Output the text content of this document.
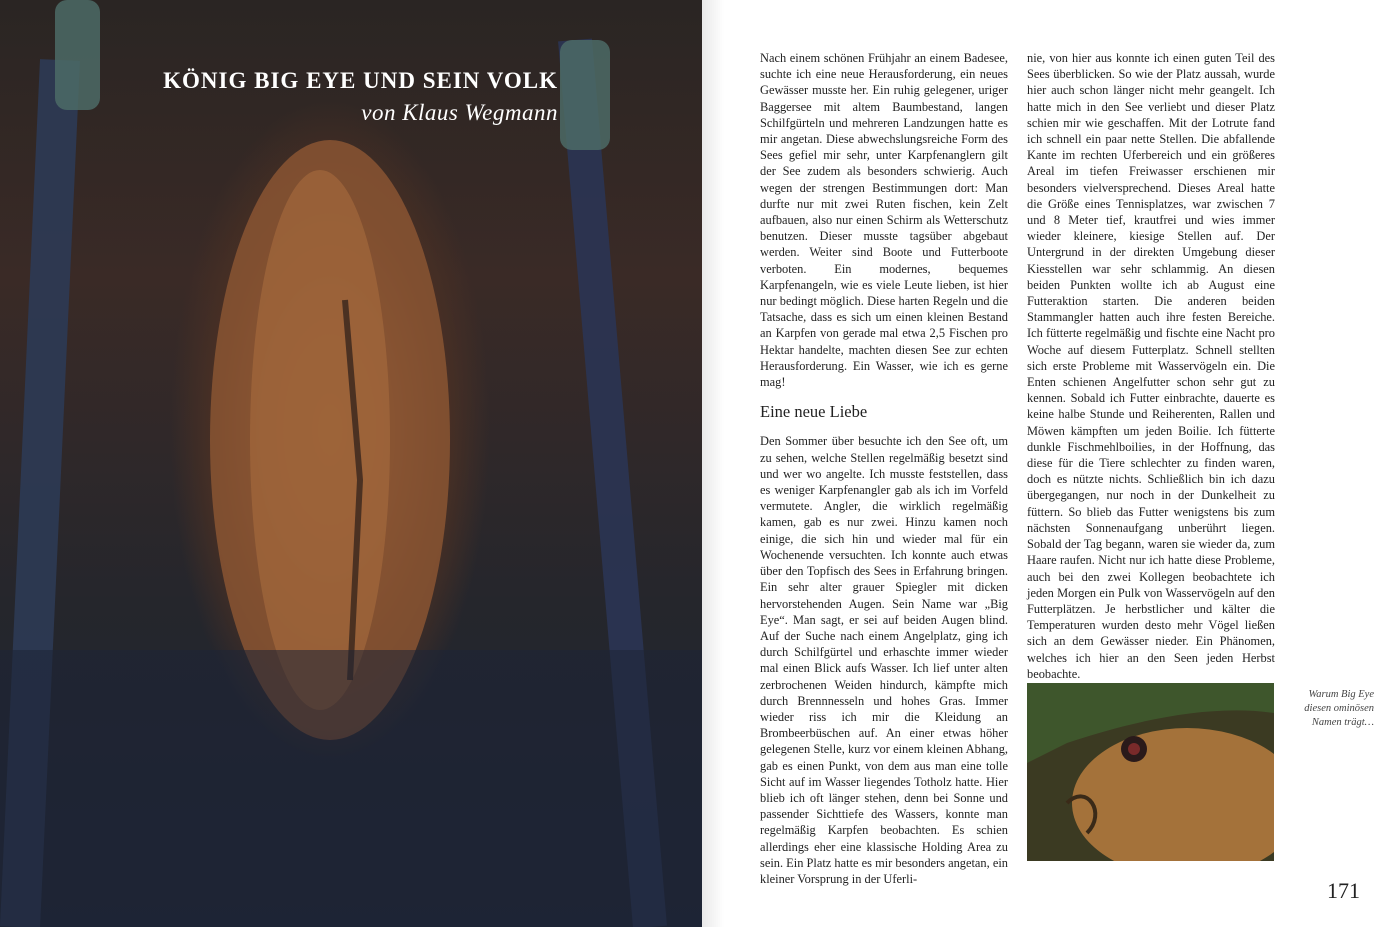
KÖNIG BIG EYE UND SEIN VOLK
von Klaus Wegmann

Nach einem schönen Frühjahr an einem Badesee, suchte ich eine neue Herausforderung, ein neues Gewässer musste her. Ein ruhig gelegener, uriger Baggersee mit altem Baumbestand, langen Schilfgürteln und mehreren Landzungen hatte es mir angetan. Diese abwechslungsreiche Form des Sees gefiel mir sehr, unter Karpfenanglern gilt der See zudem als besonders schwierig. Auch wegen der strengen Bestimmungen dort: Man durfte nur mit zwei Ruten fischen, kein Zelt aufbauen, also nur einen Schirm als Wetterschutz benutzen. Dieser musste tagsüber abgebaut werden. Weiter sind Boote und Futterboote verboten. Ein modernes, bequemes Karpfenangeln, wie es viele Leute lieben, ist hier nur bedingt möglich. Diese harten Regeln und die Tatsache, dass es sich um einen kleinen Bestand an Karpfen von gerade mal etwa 2,5 Fischen pro Hektar handelte, machten diesen See zur echten Herausforderung. Ein Wasser, wie ich es gerne mag!

Eine neue Liebe

Den Sommer über besuchte ich den See oft, um zu sehen, welche Stellen regelmäßig besetzt sind und wer wo angelte. Ich musste feststellen, dass es weniger Karpfenangler gab als ich im Vorfeld vermutete. Angler, die wirklich regelmäßig kamen, gab es nur zwei. Hinzu kamen noch einige, die sich hin und wieder mal für ein Wochenende versuchten. Ich konnte auch etwas über den Topfisch des Sees in Erfahrung bringen. Ein sehr alter grauer Spiegler mit dicken hervorstehenden Augen. Sein Name war „Big Eye“. Man sagt, er sei auf beiden Augen blind. Auf der Suche nach einem Angelplatz, ging ich durch Schilfgürtel und erhaschte immer wieder mal einen Blick aufs Wasser. Ich lief unter alten zerbrochenen Weiden hindurch, kämpfte mich durch Brennnesseln und hohes Gras. Immer wieder riss ich mir die Kleidung an Brombeerbüschen auf. An einer etwas höher gelegenen Stelle, kurz vor einem kleinen Abhang, gab es einen Punkt, von dem aus man eine tolle Sicht auf im Wasser liegendes Totholz hatte. Hier blieb ich oft länger stehen, denn bei Sonne und passender Sichttiefe des Wassers, konnte man regelmäßig Karpfen beobachten. Es schien allerdings eher eine klassische Holding Area zu sein. Ein Platz hatte es mir besonders angetan, ein kleiner Vorsprung in der Uferli-

nie, von hier aus konnte ich einen guten Teil des Sees überblicken. So wie der Platz aussah, wurde hier auch schon länger nicht mehr geangelt. Ich hatte mich in den See verliebt und dieser Platz schien mir wie geschaffen. Mit der Lotrute fand ich schnell ein paar nette Stellen. Die abfallende Kante im rechten Uferbereich und ein größeres Areal im tiefen Freiwasser erschienen mir besonders vielversprechend. Dieses Areal hatte die Größe eines Tennisplatzes, war zwischen 7 und 8 Meter tief, krautfrei und wies immer wieder kleinere, kiesige Stellen auf. Der Untergrund in der direkten Umgebung dieser Kiesstellen war sehr schlammig. An diesen beiden Punkten wollte ich ab August eine Futteraktion starten. Die anderen beiden Stammangler hatten auch ihre festen Bereiche. Ich fütterte regelmäßig und fischte eine Nacht pro Woche auf diesem Futterplatz. Schnell stellten sich erste Probleme mit Wasservögeln ein. Die Enten schienen Angelfutter schon sehr gut zu kennen. Sobald ich Futter einbrachte, dauerte es keine halbe Stunde und Reiherenten, Rallen und Möwen kämpften um jeden Boilie. Ich fütterte dunkle Fischmehlboilies, in der Hoffnung, das diese für die Tiere schlechter zu finden waren, doch es nützte nichts. Schließlich bin ich dazu übergegangen, nur noch in der Dunkelheit zu füttern. So blieb das Futter wenigstens bis zum nächsten Sonnenaufgang unberührt liegen. Sobald der Tag begann, waren sie wieder da, zum Haare raufen. Nicht nur ich hatte diese Probleme, auch bei den zwei Kollegen beobachtete ich jeden Morgen ein Pulk von Wasservögeln auf den Futterplätzen. Je herbstlicher und kälter die Temperaturen wurden desto mehr Vögel ließen sich an dem Gewässer nieder. Ein Phänomen, welches ich hier an den Seen jeden Herbst beobachte.

Warum Big Eye diesen ominösen Namen trägt…
171
